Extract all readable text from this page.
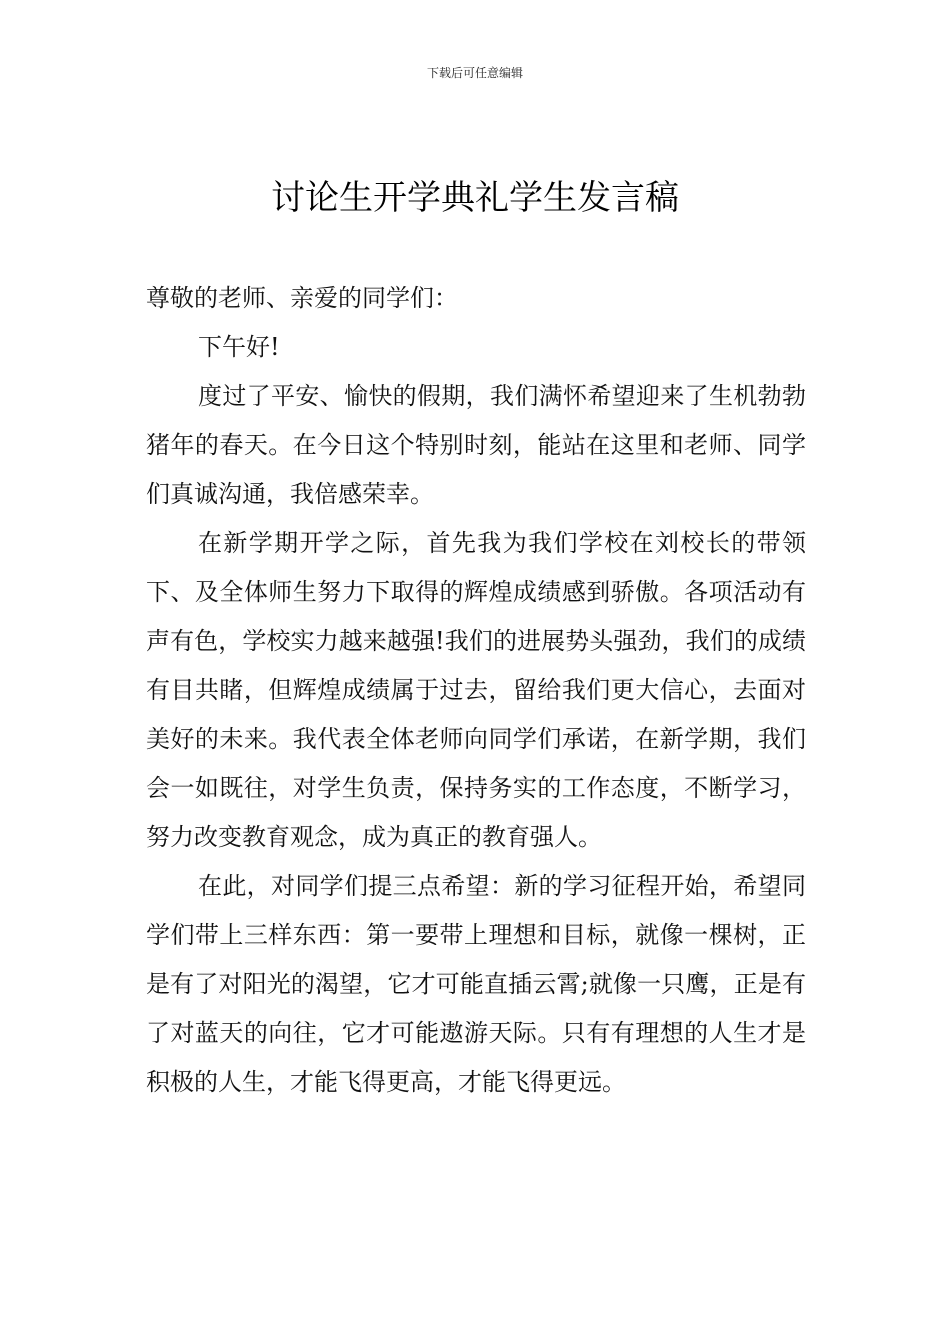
下载后可任意编辑
讨论生开学典礼学生发言稿

尊敬的老师、亲爱的同学们：

下午好!

度过了平安、愉快的假期，我们满怀希望迎来了生机勃勃猪年的春天。在今日这个特别时刻，能站在这里和老师、同学们真诚沟通，我倍感荣幸。

在新学期开学之际，首先我为我们学校在刘校长的带领下、及全体师生努力下取得的辉煌成绩感到骄傲。各项活动有声有色，学校实力越来越强!我们的进展势头强劲，我们的成绩有目共睹，但辉煌成绩属于过去，留给我们更大信心，去面对美好的未来。我代表全体老师向同学们承诺，在新学期，我们会一如既往，对学生负责，保持务实的工作态度，不断学习，努力改变教育观念，成为真正的教育强人。

在此，对同学们提三点希望：新的学习征程开始，希望同学们带上三样东西：第一要带上理想和目标，就像一棵树，正是有了对阳光的渴望，它才可能直插云霄;就像一只鹰，正是有了对蓝天的向往，它才可能遨游天际。只有有理想的人生才是积极的人生，才能飞得更高，才能飞得更远。
